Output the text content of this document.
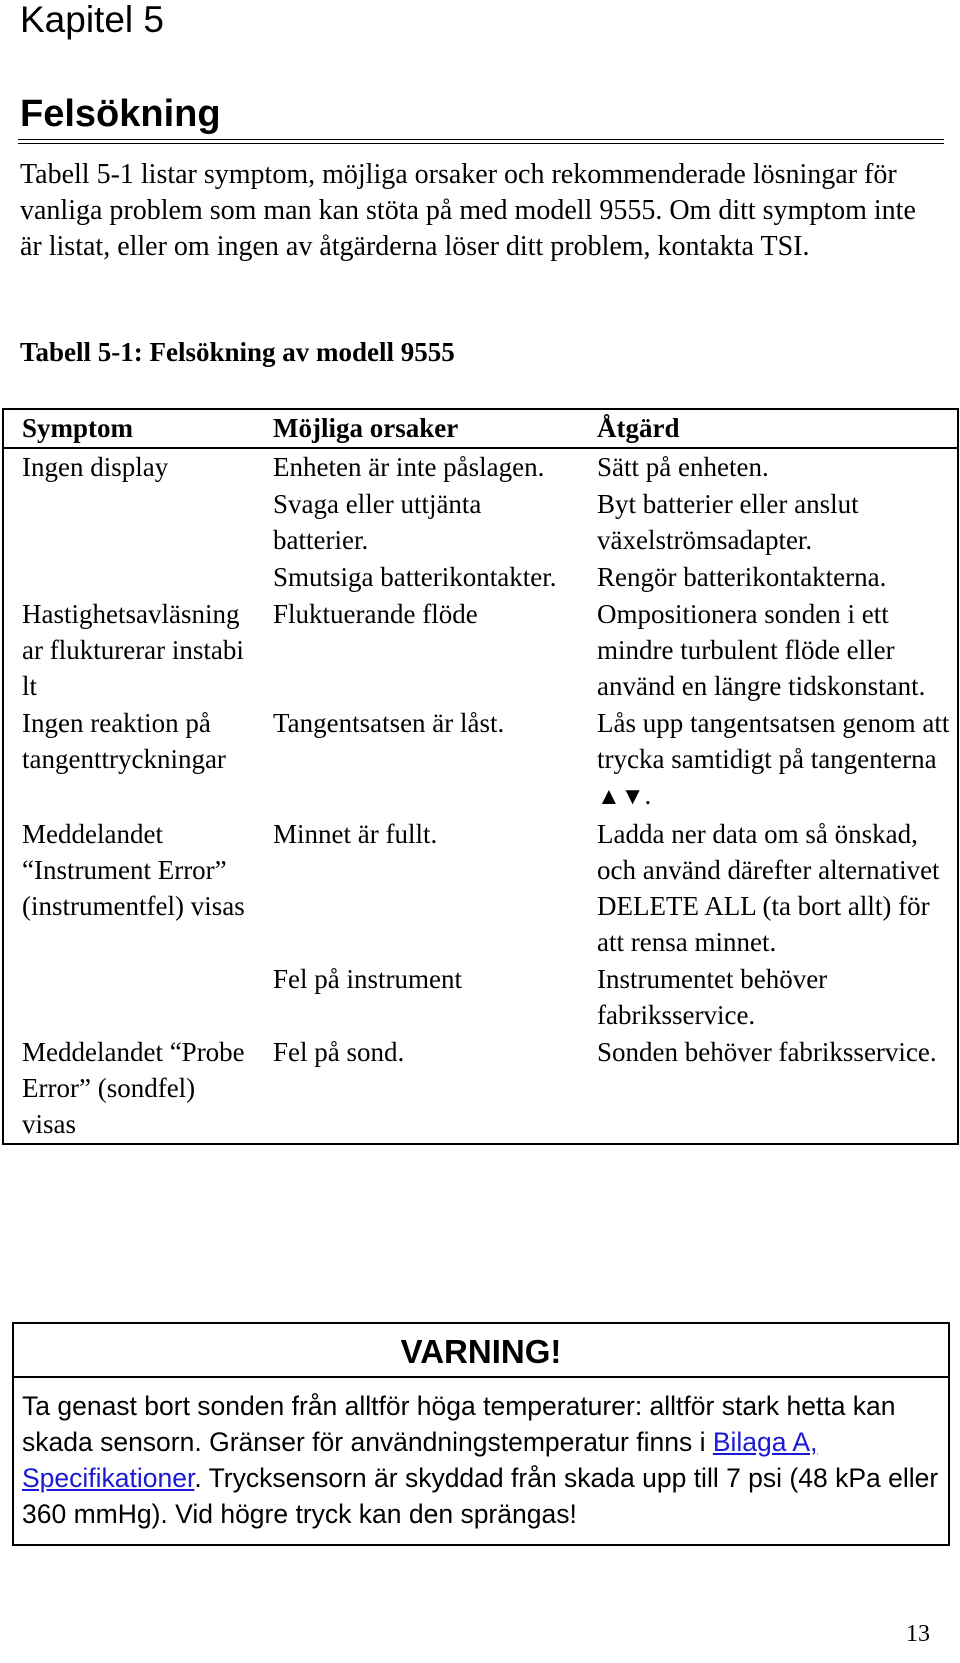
Kapitel 5
Felsökning
Tabell 5-1 listar symptom, möjliga orsaker och rekommenderade lösningar för vanliga problem som man kan stöta på med modell 9555. Om ditt symptom inte är listat, eller om ingen av åtgärderna löser ditt problem, kontakta TSI.
Tabell 5-1: Felsökning av modell 9555
Symptom	Möjliga orsaker	Åtgärd
Ingen display	Enheten är inte påslagen.	Sätt på enheten.
	Svaga eller uttjänta batterier.	Byt batterier eller anslut växelströmsadapter.
	Smutsiga batterikontakter.	Rengör batterikontakterna.
Hastighetsavläsningar flukturerar instabilt	Fluktuerande flöde	Ompositionera sonden i ett mindre turbulent flöde eller använd en längre tidskonstant.
Ingen reaktion på tangenttryckningar	Tangentsatsen är låst.	Lås upp tangentsatsen genom att trycka samtidigt på tangenterna ▲▼.
Meddelandet “Instrument Error” (instrumentfel) visas	Minnet är fullt.	Ladda ner data om så önskad, och använd därefter alternativet DELETE ALL (ta bort allt) för att rensa minnet.
	Fel på instrument	Instrumentet behöver fabriksservice.
Meddelandet “Probe Error” (sondfel) visas	Fel på sond.	Sonden behöver fabriksservice.
VARNING!
Ta genast bort sonden från alltför höga temperaturer: alltför stark hetta kan skada sensorn. Gränser för användningstemperatur finns i Bilaga A, Specifikationer. Trycksensorn är skyddad från skada upp till 7 psi (48 kPa eller 360 mmHg). Vid högre tryck kan den sprängas!
13
